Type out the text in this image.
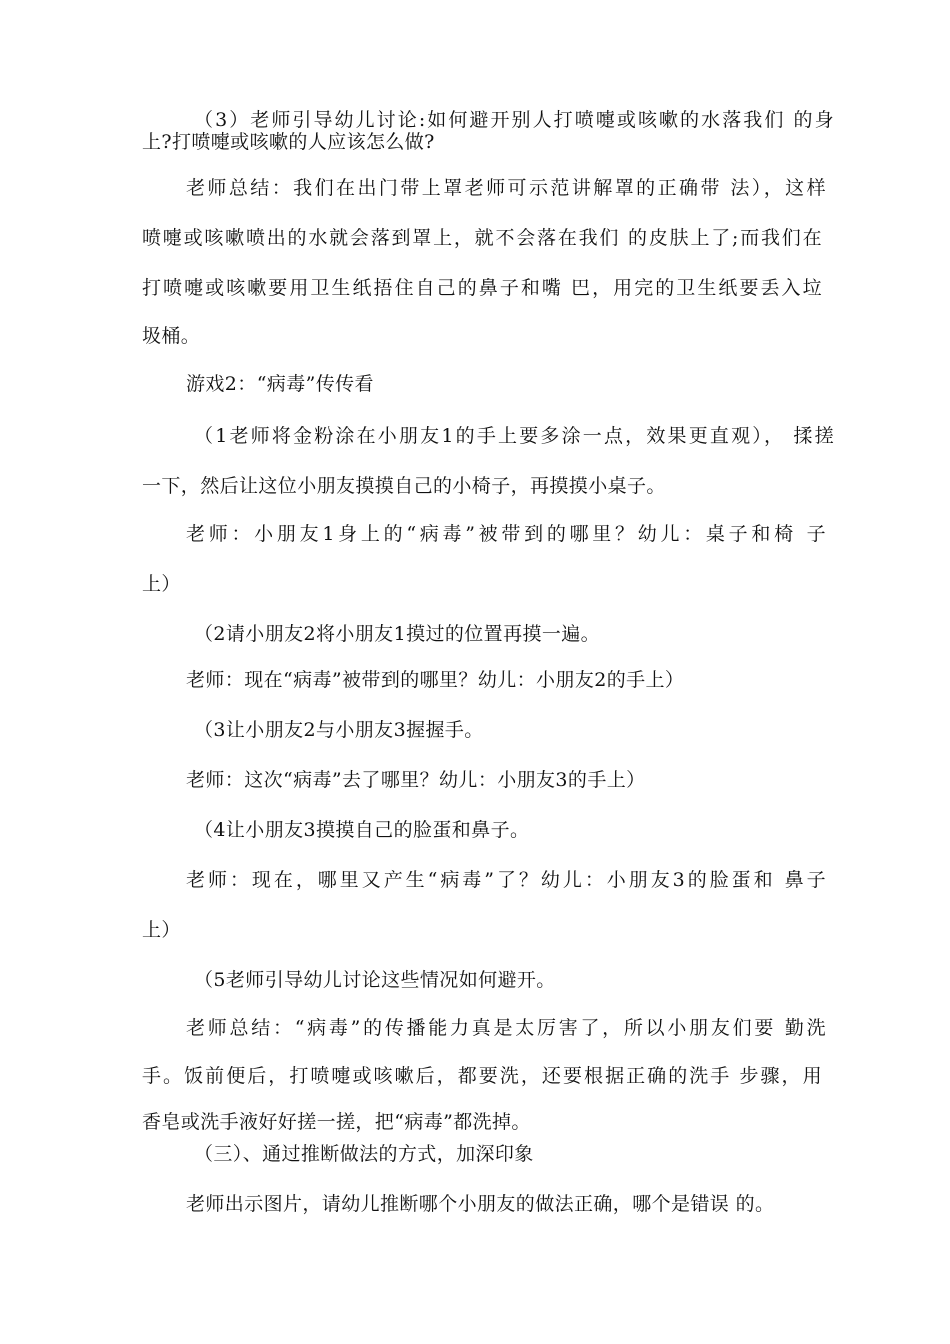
（3）老师引导幼儿讨论:如何避开别人打喷嚏或咳嗽的水落我们 的身
上?打喷嚏或咳嗽的人应该怎么做?
老师总结：我们在出门带上罩老师可示范讲解罩的正确带 法），这样
喷嚏或咳嗽喷出的水就会落到罩上，就不会落在我们 的皮肤上了;而我们在
打喷嚏或咳嗽要用卫生纸捂住自己的鼻子和嘴 巴，用完的卫生纸要丢入垃
圾桶。
游戏2：“病毒”传传看
（1老师将金粉涂在小朋友1的手上要多涂一点，效果更直观）， 揉搓
一下，然后让这位小朋友摸摸自己的小椅子，再摸摸小桌子。
老师：小朋友1身上的“病毒”被带到的哪里？幼儿：桌子和椅 子
上）
（2请小朋友2将小朋友1摸过的位置再摸一遍。
老师：现在“病毒”被带到的哪里？幼儿：小朋友2的手上）
（3让小朋友2与小朋友3握握手。
老师：这次“病毒”去了哪里？幼儿：小朋友3的手上）
（4让小朋友3摸摸自己的脸蛋和鼻子。
老师：现在，哪里又产生“病毒”了？幼儿：小朋友3的脸蛋和 鼻子
上）
（5老师引导幼儿讨论这些情况如何避开。
老师总结：“病毒”的传播能力真是太厉害了，所以小朋友们要 勤洗
手。饭前便后，打喷嚏或咳嗽后，都要洗，还要根据正确的洗手 步骤，用
香皂或洗手液好好搓一搓，把“病毒”都洗掉。
（三）、通过推断做法的方式，加深印象
老师出示图片，请幼儿推断哪个小朋友的做法正确，哪个是错误 的。
